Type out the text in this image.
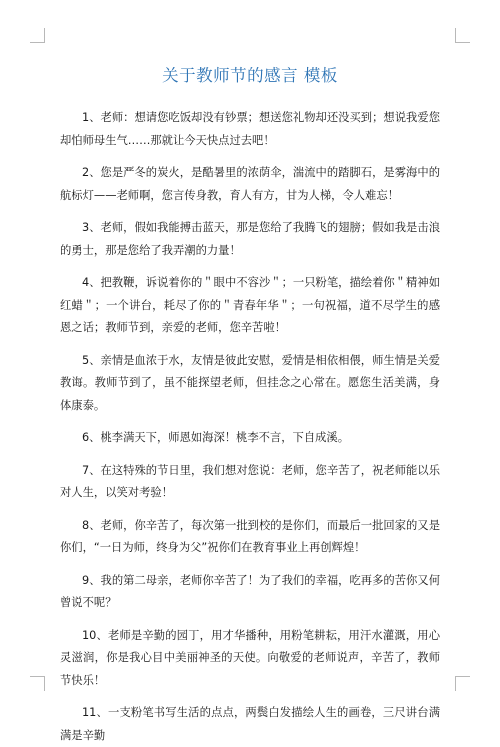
关于教师节的感言 模板

1、老师：想请您吃饭却没有钞票；想送您礼物却还没买到；想说我爱您却怕师母生气……那就让今天快点过去吧！

2、您是严冬的炭火，是酷暑里的浓荫伞，湍流中的踏脚石，是雾海中的航标灯——老师啊，您言传身教，育人有方，甘为人梯，令人难忘！

3、老师，假如我能搏击蓝天，那是您给了我腾飞的翅膀；假如我是击浪的勇士，那是您给了我弄潮的力量！

4、把教鞭，诉说着你的＂眼中不容沙＂；一只粉笔，描绘着你＂精神如红蜡＂；一个讲台，耗尽了你的＂青春年华＂；一句祝福，道不尽学生的感恩之话；教师节到，亲爱的老师，您辛苦啦！

5、亲情是血浓于水，友情是彼此安慰，爱情是相依相偎，师生情是关爱教诲。教师节到了，虽不能探望老师，但挂念之心常在。愿您生活美满，身体康泰。

6、桃李满天下，师恩如海深！桃李不言，下自成溪。

7、在这特殊的节日里，我们想对您说：老师，您辛苦了，祝老师能以乐对人生，以笑对考验！

8、老师，你辛苦了，每次第一批到校的是你们，而最后一批回家的又是你们，“一日为师，终身为父”祝你们在教育事业上再创辉煌！

9、我的第二母亲，老师你辛苦了！为了我们的幸福，吃再多的苦你又何曾说不呢？

10、老师是辛勤的园丁，用才华播种，用粉笔耕耘，用汗水灌溉，用心灵滋润，你是我心目中美丽神圣的天使。向敬爱的老师说声，辛苦了，教师节快乐！

11、一支粉笔书写生活的点点，两鬓白发描绘人生的画卷，三尺讲台满满是辛勤
